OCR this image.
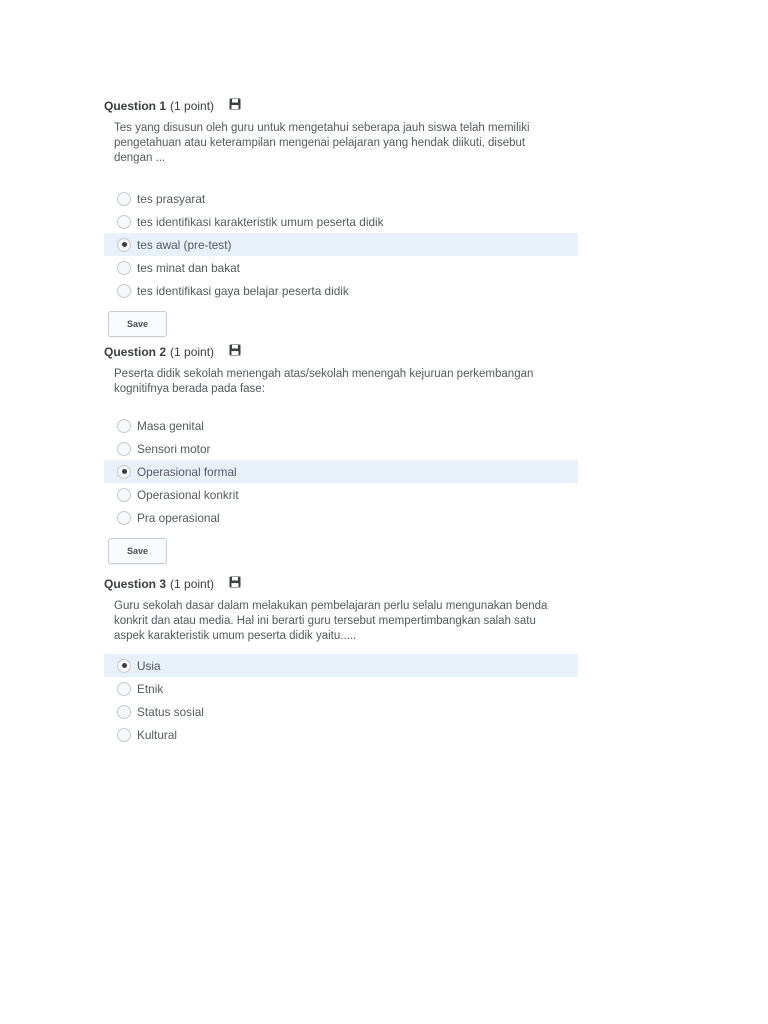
Question 1 (1 point)
Tes yang disusun oleh guru untuk mengetahui seberapa jauh siswa telah memiliki pengetahuan atau keterampilan mengenai pelajaran yang hendak diikuti, disebut dengan ...
tes prasyarat
tes identifikasi karakteristik umum peserta didik
tes awal (pre-test)
tes minat dan bakat
tes identifikasi gaya belajar peserta didik
Save
Question 2 (1 point)
Peserta didik sekolah menengah atas/sekolah menengah kejuruan perkembangan kognitifnya berada pada fase:
Masa genital
Sensori motor
Operasional formal
Operasional konkrit
Pra operasional
Save
Question 3 (1 point)
Guru sekolah dasar dalam melakukan pembelajaran perlu selalu mengunakan benda konkrit dan atau media. Hal ini berarti guru tersebut mempertimbangkan salah satu aspek karakteristik umum peserta didik yaitu.....
Usia
Etnik
Status sosial
Kultural
